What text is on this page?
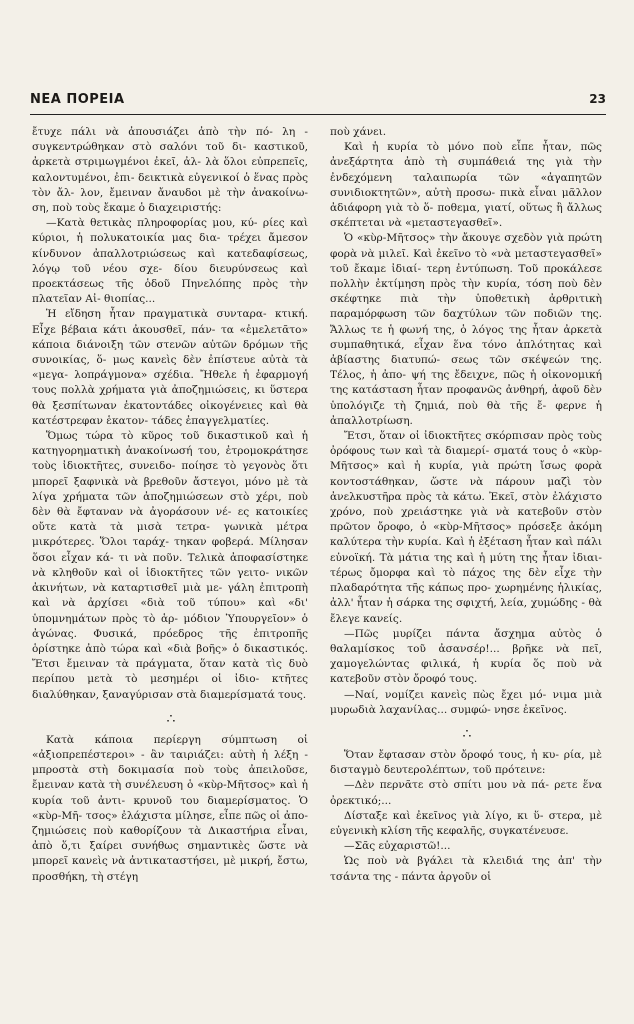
ΝΕΑ ΠΟΡΕΙΑ	23

ἔτυχε πάλι νὰ ἀπουσιάζει ἀπὸ τὴν πό- λη - συγκεντρώθηκαν στὸ σαλόνι τοῦ δι- καστικοῦ, ἀρκετὰ στριμωγμένοι ἐκεῖ, ἀλ- λὰ ὅλοι εὐπρεπεῖς, καλοντυμένοι, ἐπι- δεικτικὰ εὐγενικοί ὁ ἕνας πρὸς τὸν ἄλ- λον, ἔμειναν ἄναυδοι μὲ τὴν ἀνακοίνω- ση, ποὺ τοὺς ἔκαμε ὁ διαχειριστής:

—Κατὰ θετικὰς πληροφορίας μου, κύ- ρίες καὶ κύριοι, ἡ πολυκατοικία μας δια- τρέχει ἄμεσον κίνδυνον ἀπαλλοτριώσεως καὶ κατεδαφίσεως, λόγῳ τοῦ νέου σχε- δίου διευρύνσεως καὶ προεκτάσεως τῆς ὁδοῦ Πηνελόπης πρὸς τὴν πλατεῖαν Αἰ- θιοπίας...

Ἡ εἴδηση ἦταν πραγματικὰ συνταρα- κτική. Εἶχε βέβαια κάτι ἀκουσθεῖ, πάν- τα «ἐμελετᾶτο» κάποια διάνοιξη τῶν στενῶν αὐτῶν δρόμων τῆς συνοικίας, ὅ- μως κανεὶς δὲν ἐπίστευε αὐτὰ τὰ «μεγα- λοπράγμονα» σχέδια. Ἤθελε ἡ ἐφαρμογή τους πολλὰ χρήματα γιὰ ἀποζημιώσεις, κι ὕστερα θὰ ξεσπίτωναν ἑκατοντάδες οἰκογένειες καὶ θὰ κατέστρεφαν ἑκατον- τάδες ἐπαγγελματίες.

Ὅμως τώρα τὸ κῦρος τοῦ δικαστικοῦ καὶ ἡ κατηγορηματικὴ ἀνακοίνωσή του, ἐτρομοκράτησε τοὺς ἰδιοκτῆτες, συνειδο- ποίησε τὸ γεγονὸς ὅτι μπορεῖ ξαφνικὰ νὰ βρεθοῦν ἄστεγοι, μόνο μὲ τὰ λίγα χρήματα τῶν ἀποζημιώσεων στὸ χέρι, ποὺ δὲν θὰ ἔφταναν νὰ ἀγοράσουν νέ- ες κατοικίες οὔτε κατὰ τὰ μισὰ τετρα- γωνικὰ μέτρα μικρότερες. Ὅλοι ταράχ- τηκαν φοβερά. Μίλησαν ὅσοι εἶχαν κά- τι νὰ ποῦν. Τελικὰ ἀποφασίστηκε νὰ κληθοῦν καὶ οἱ ἰδιοκτῆτες τῶν γειτο- νικῶν ἀκινήτων, νὰ καταρτισθεῖ μιὰ με- γάλη ἐπιτροπὴ καὶ νὰ ἀρχίσει «διὰ τοῦ τύπου» καὶ «δι' ὑπομνημάτων πρὸς τὸ ἁρ- μόδιον Ὑπουργεῖον» ὁ ἀγώνας. Φυσικά, πρόεδρος τῆς ἐπιτροπῆς ὁρίστηκε ἀπὸ τώρα καὶ «διὰ βοῆς» ὁ δικαστικός. Ἔτσι ἔμειναν τὰ πράγματα, ὅταν κατὰ τὶς δυὸ περίπου μετὰ τὸ μεσημέρι οἱ ἰδιο- κτῆτες διαλύθηκαν, ξαναγύρισαν στὰ διαμερίσματά τους.

∴

Κατὰ κάποια περίεργη σύμπτωση οἱ «ἀξιοπρεπέστεροι» - ἂν ταιριάζει: αὐτὴ ἡ λέξη - μπροστὰ στὴ δοκιμασία ποὺ τοὺς ἀπειλοῦσε, ἔμειναν κατὰ τὴ συνέλευση ὁ «κὺρ-Μῆτσος» καὶ ἡ κυρία τοῦ ἀντι- κρυνοῦ του διαμερίσματος. Ὁ «κὺρ-Μῆ- τσος» ἐλάχιστα μίλησε, εἶπε πῶς οἱ ἀπο- ζημιώσεις ποὺ καθορίζουν τὰ Δικαστήρια εἶναι, ἀπὸ ὅ,τι ξαίρει συνήθως σημαντικὲς ὥστε νὰ μπορεῖ κανεὶς νὰ ἀντικαταστήσει, μὲ μικρή, ἔστω, προσθήκη, τὴ στέγη

ποὺ χάνει.

Καὶ ἡ κυρία τὸ μόνο ποὺ εἶπε ἦταν, πῶς ἀνεξάρτητα ἀπὸ τὴ συμπάθειά της γιὰ τὴν ἐνδεχόμενη ταλαιπωρία τῶν «ἀγαπητῶν συνιδιοκτητῶν», αὐτὴ προσω- πικὰ εἶναι μᾶλλον ἀδιάφορη γιὰ τὸ ὅ- ποθεμα, γιατί, οὕτως ἢ ἄλλως σκέπτεται νὰ «μεταστεγασθεῖ».

Ὁ «κὺρ-Μῆτσος» τὴν ἄκουγε σχεδὸν γιὰ πρώτη φορὰ νὰ μιλεῖ. Καὶ ἐκεῖνο τὸ «νὰ μεταστεγασθεῖ» τοῦ ἔκαμε ἰδιαί- τερη ἐντύπωση. Τοῦ προκάλεσε πολλὴν ἐκτίμηση πρὸς τὴν κυρία, τόση ποὺ δὲν σκέφτηκε πιὰ τὴν ὑποθετικὴ ἀρθριτικὴ παραμόρφωση τῶν δαχτύλων τῶν ποδιῶν της. Ἄλλως τε ἡ φωνή της, ὁ λόγος της ἦταν ἀρκετὰ συμπαθητικά, εἶχαν ἕνα τόνο ἀπλότητας καὶ ἀβίαστης διατυπώ- σεως τῶν σκέψεών της. Τέλος, ἡ ἀπο- ψή της ἔδειχνε, πῶς ἡ οἰκονομική της κατάσταση ἦταν προφανῶς ἀνθηρή, ἀφοῦ δὲν ὑπολόγιζε τὴ ζημιά, ποὺ θὰ τῆς ἔ- φερνε ἡ ἀπαλλοτρίωση.

Ἔτσι, ὅταν οἱ ἰδιοκτῆτες σκόρπισαν πρὸς τοὺς ὀρόφους των καὶ τὰ διαμερί- σματά τους ὁ «κὺρ-Μῆτσος» καὶ ἡ κυρία, γιὰ πρώτη ἴσως φορὰ κοντοστάθηκαν, ὥστε νὰ πάρουν μαζὶ τὸν ἀνελκυστῆρα πρὸς τὰ κάτω. Ἐκεῖ, στὸν ἐλάχιστο χρόνο, ποὺ χρειάστηκε γιὰ νὰ κατεβοῦν στὸν πρῶτον ὄροφο, ὁ «κὺρ-Μῆτσος» πρόσεξε ἀκόμη καλύτερα τὴν κυρία. Καὶ ἡ ἐξέταση ἦταν καὶ πάλι εὐνοϊκή. Τὰ μάτια της καὶ ἡ μύτη της ἦταν ἰδιαι- τέρως ὄμορφα καὶ τὸ πάχος της δὲν εἶχε τὴν πλαδαρότητα τῆς κάπως προ- χωρημένης ἡλικίας, ἀλλ' ἦταν ἡ σάρκα της σφιχτή, λεία, χυμώδης - θὰ ἔλεγε κανείς.

—Πῶς μυρίζει πάντα ἄσχημα αὐτὸς ὁ θαλαμίσκος τοῦ ἀσανσέρ!... βρῆκε νὰ πεῖ, χαμογελώντας φιλικά, ἡ κυρία ὅς ποὺ νὰ κατεβοῦν στὸν ὄροφό τους.

—Ναί, νομίζει κανεὶς πὼς ἔχει μό- νιμα μιὰ μυρωδιὰ λαχανίλας... συμφώ- νησε ἐκεῖνος.

∴

Ὅταν ἔφτασαν στὸν ὄροφό τους, ἡ κυ- ρία, μὲ δισταγμὸ δευτερολέπτων, τοῦ πρότεινε:

—Δὲν περνᾶτε στὸ σπίτι μου νὰ πά- ρετε ἕνα ὀρεκτικό;...

Δίσταξε καὶ ἐκεῖνος γιὰ λίγο, κι ὕ- στερα, μὲ εὐγενικὴ κλίση τῆς κεφαλῆς, συγκατένευσε.

—Σᾶς εὐχαριστῶ!...

Ὡς ποὺ νὰ βγάλει τὰ κλειδιά της ἀπ' τὴν τσάντα της - πάντα ἀργοῦν οἱ
